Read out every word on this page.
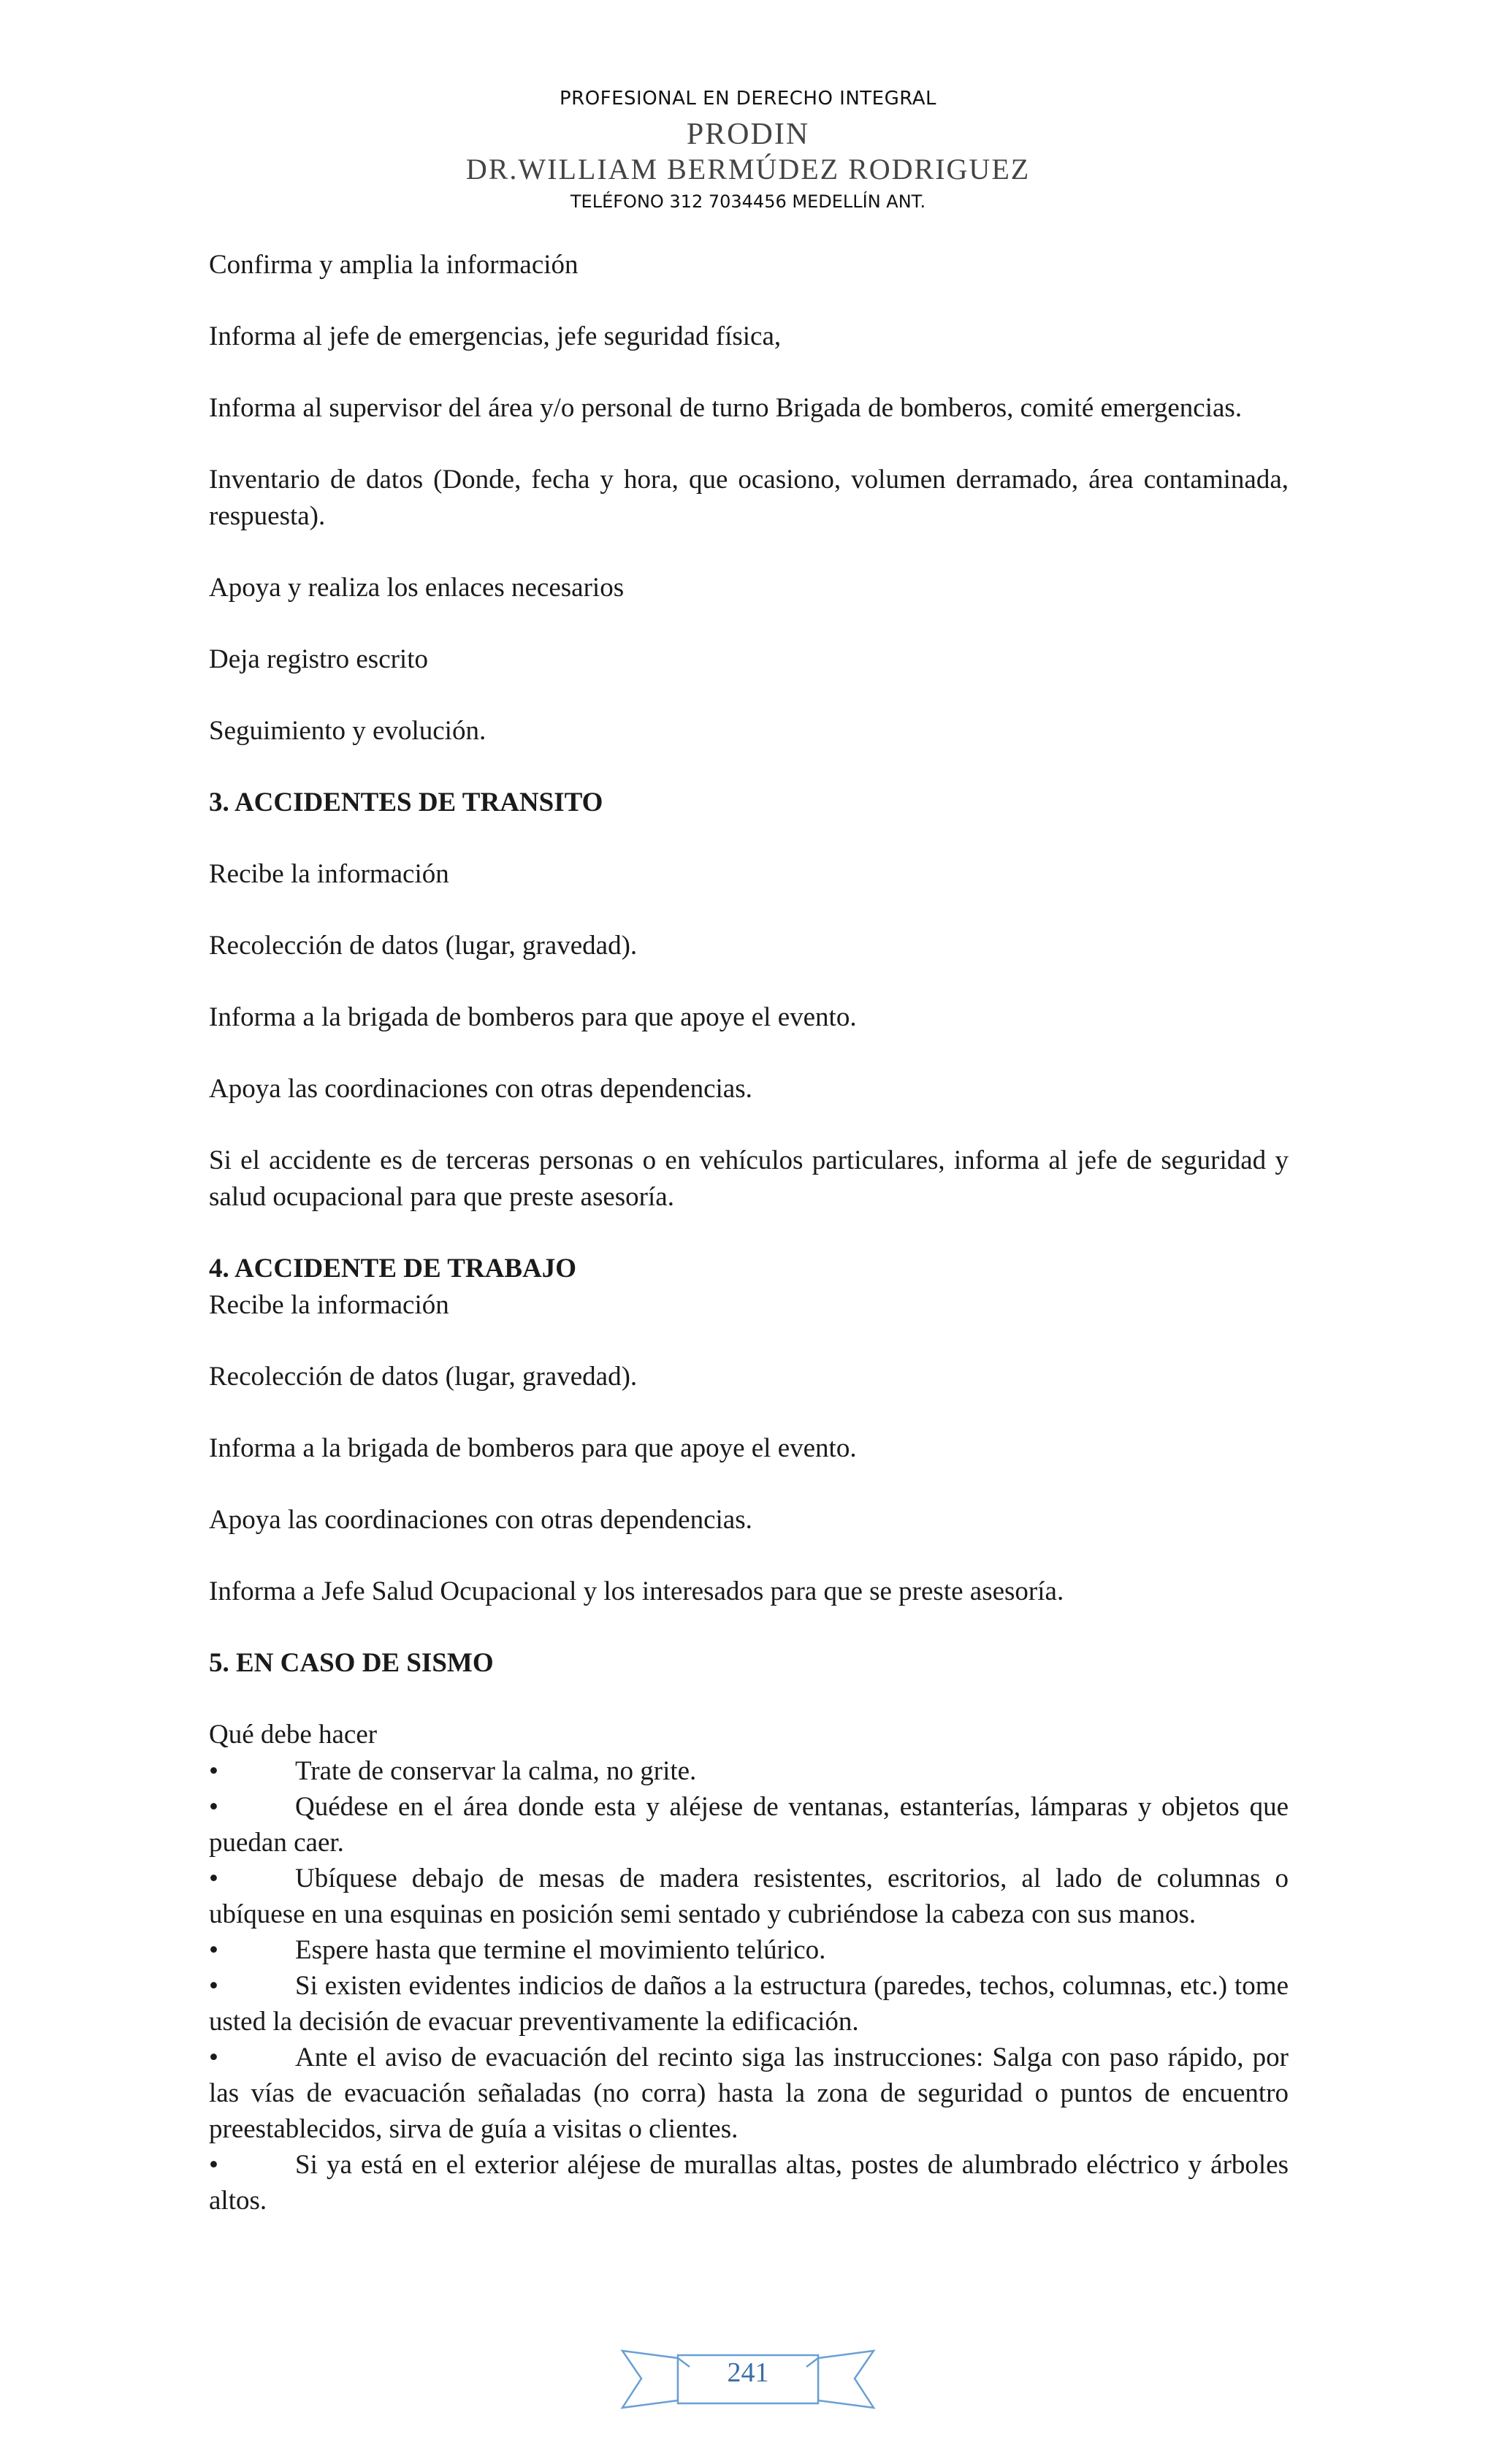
PROFESIONAL EN DERECHO INTEGRAL
PRODIN
DR.WILLIAM BERMÚDEZ RODRIGUEZ
TELÉFONO 312 7034456 MEDELLÍN ANT.

Confirma y amplia la información

Informa al jefe de emergencias, jefe seguridad física,

Informa al supervisor del área y/o personal de turno Brigada de bomberos, comité emergencias.

Inventario de datos (Donde, fecha y hora, que ocasiono, volumen derramado, área contaminada, respuesta).

Apoya y realiza los enlaces necesarios

Deja registro escrito

Seguimiento y evolución.

3. ACCIDENTES DE TRANSITO

Recibe la información

Recolección de datos (lugar, gravedad).

Informa a la brigada de bomberos para que apoye el evento.

Apoya las coordinaciones con otras dependencias.

Si el accidente es de terceras personas o en vehículos particulares, informa al jefe de seguridad y salud ocupacional para que preste asesoría.

4. ACCIDENTE DE TRABAJO

Recibe la información

Recolección de datos (lugar, gravedad).

Informa a la brigada de bomberos para que apoye el evento.

Apoya las coordinaciones con otras dependencias.

Informa a Jefe Salud Ocupacional y los interesados para que se preste asesoría.

5. EN CASO DE SISMO

Qué debe hacer

•	Trate de conservar la calma, no grite.

•	Quédese en el área donde esta y aléjese de ventanas, estanterías, lámparas y objetos que puedan caer.

•	Ubíquese debajo de mesas de madera resistentes, escritorios, al lado de columnas o ubíquese en una esquinas en posición semi sentado y cubriéndose la cabeza con sus manos.

•	Espere hasta que termine el movimiento telúrico.

•	Si existen evidentes indicios de daños a la estructura (paredes, techos, columnas, etc.) tome usted la decisión de evacuar preventivamente la edificación.

•	Ante el aviso de evacuación del recinto siga las instrucciones: Salga con paso rápido, por las vías de evacuación señaladas (no corra) hasta la zona de seguridad o puntos de encuentro preestablecidos, sirva de guía a visitas o clientes.

•	Si ya está en el exterior aléjese de murallas altas, postes de alumbrado eléctrico y árboles altos.

241
